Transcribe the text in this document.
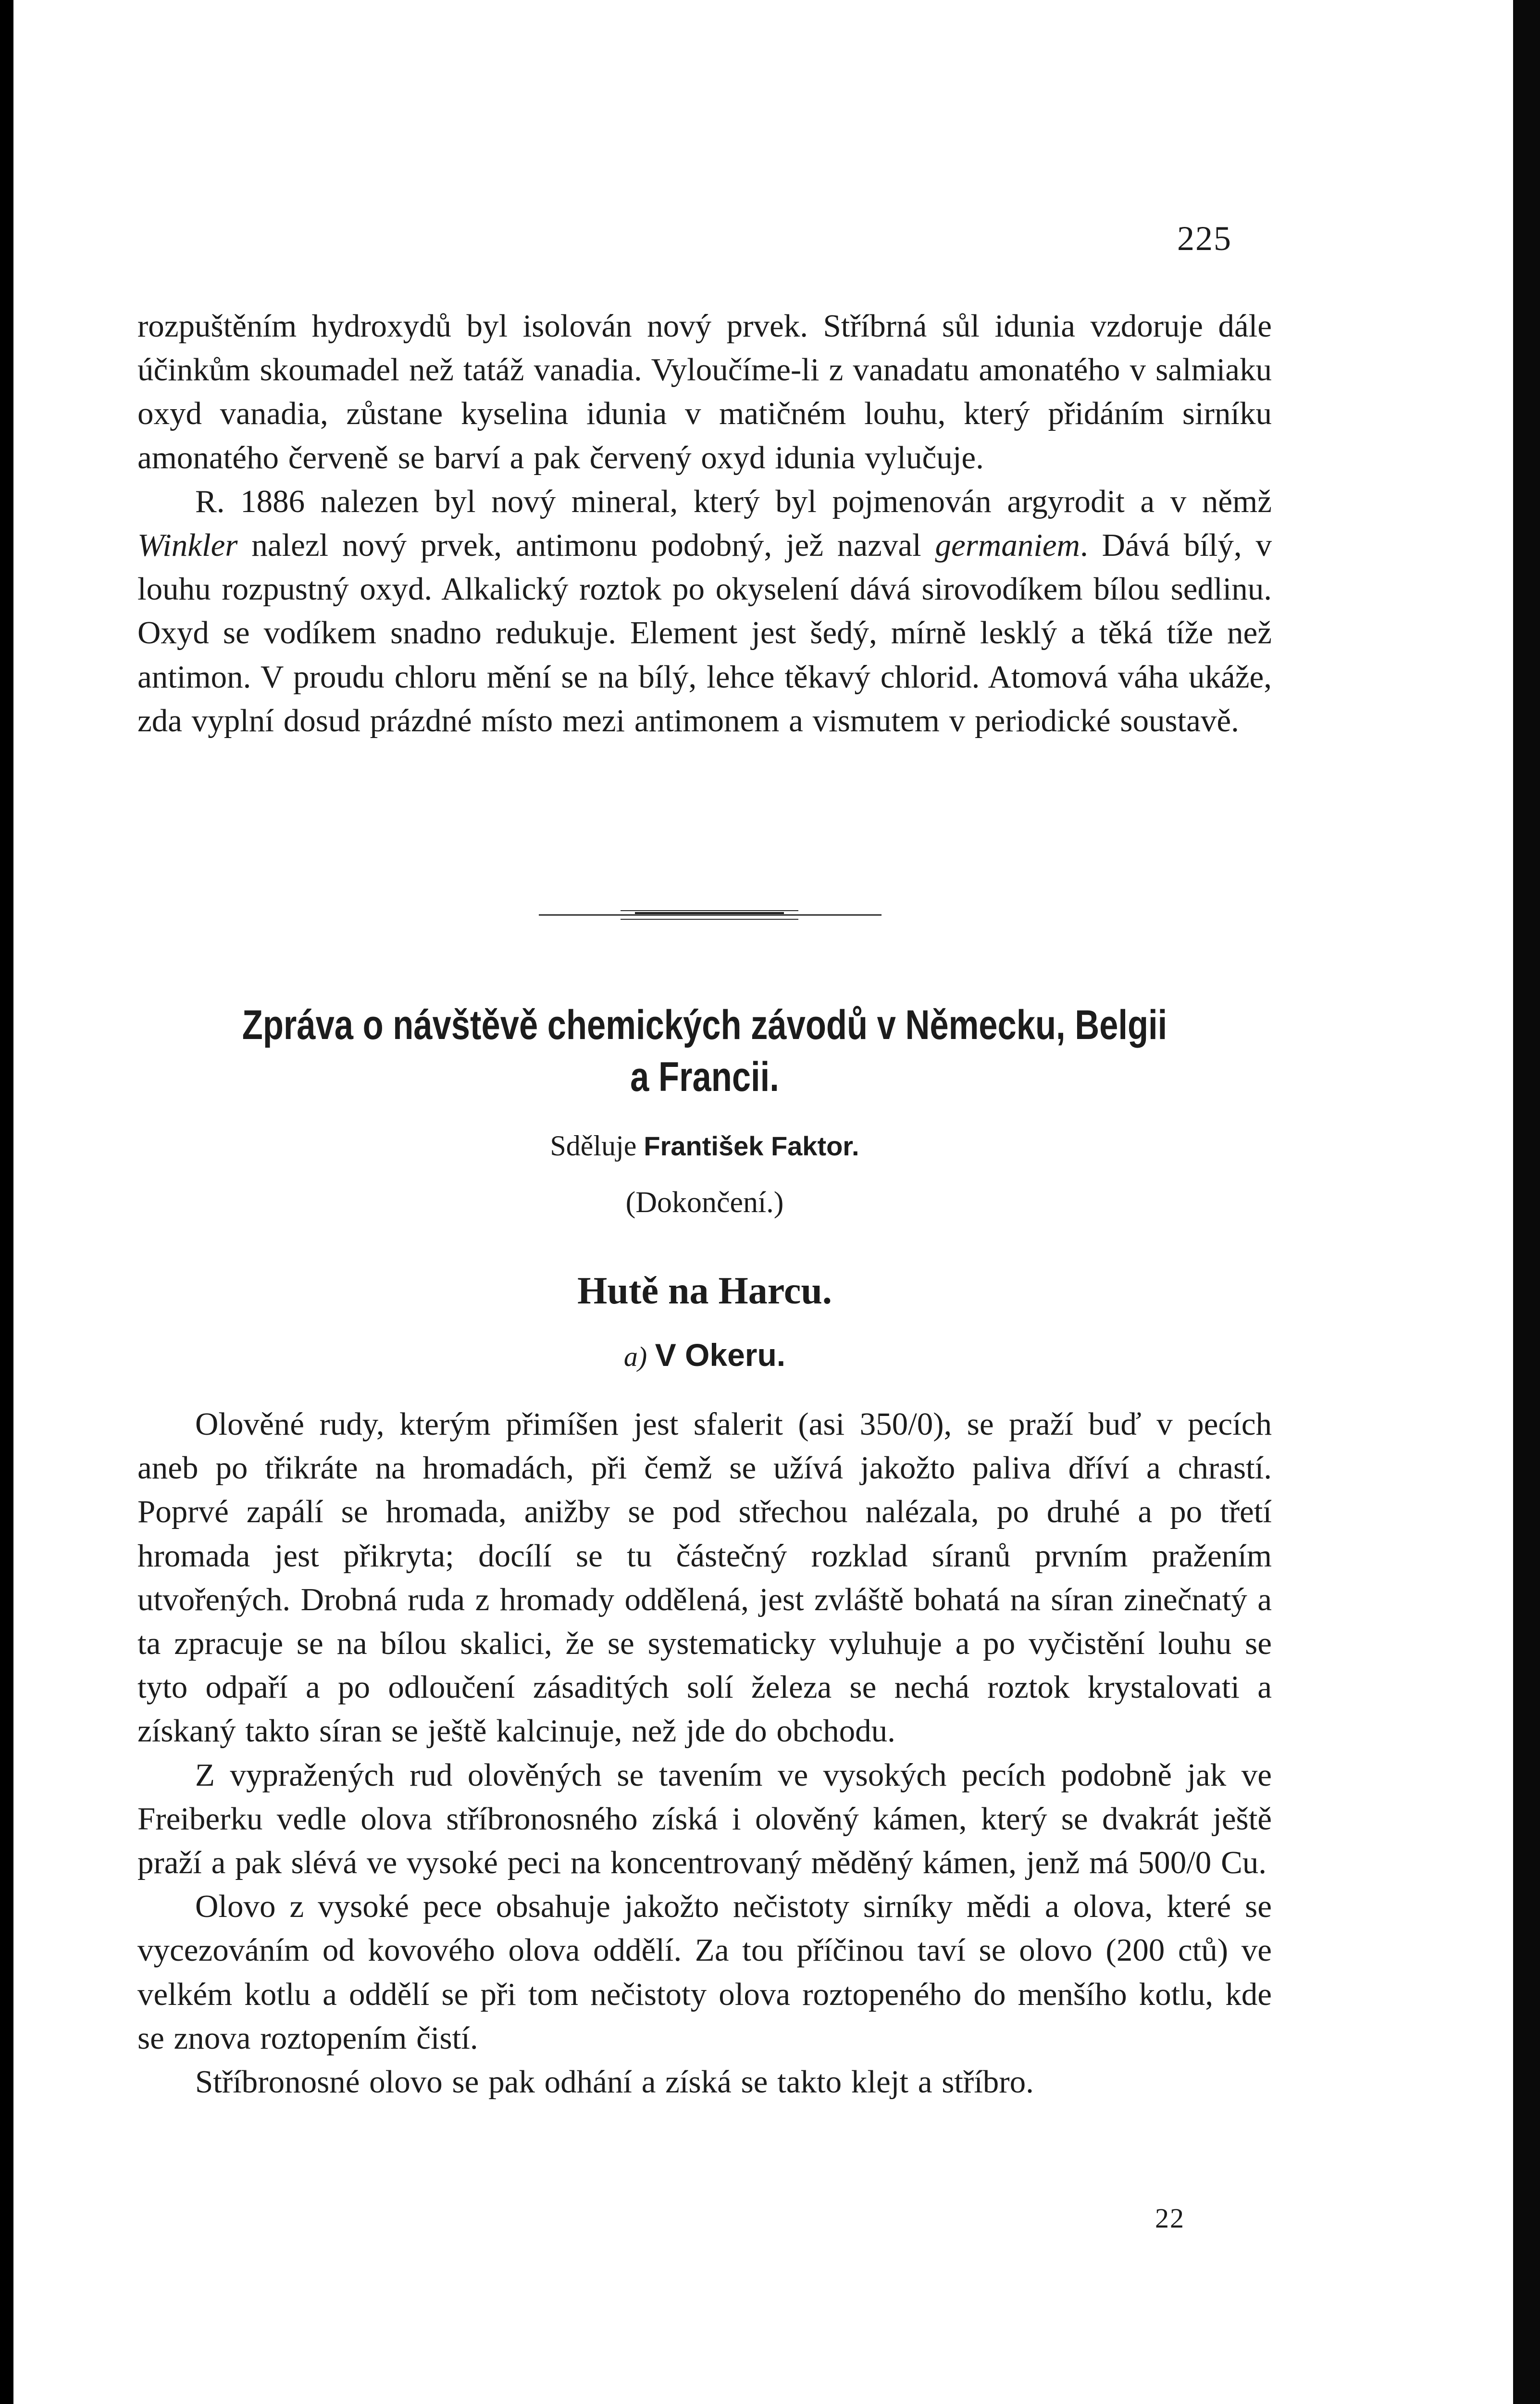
225

rozpuštěním hydroxydů byl isolován nový prvek. Stříbrná sůl idunia vzdoruje dále účinkům skoumadel než tatáž vanadia. Vyloučíme-li z vanadatu amonatého v salmiaku oxyd vanadia, zůstane kyselina idunia v matičném louhu, který přidáním sirníku amonatého červeně se barví a pak červený oxyd idunia vylučuje.

R. 1886 nalezen byl nový mineral, který byl pojmenován argyrodit a v němž Winkler nalezl nový prvek, antimonu podobný, jež nazval germaniem. Dává bílý, v louhu rozpustný oxyd. Alkalický roztok po okyselení dává sirovodíkem bílou sedlinu. Oxyd se vodíkem snadno redukuje. Element jest šedý, mírně lesklý a těká tíže než antimon. V proudu chloru mění se na bílý, lehce těkavý chlorid. Atomová váha ukáže, zda vyplní dosud prázdné místo mezi antimonem a vismutem v periodické soustavě.

Zpráva o návštěvě chemických závodů v Německu, Belgii
a Francii.
Sděluje František Faktor.
(Dokončení.)
Hutě na Harcu.
a) V Okeru.

Olověné rudy, kterým přimíšen jest sfalerit (asi 350/0), se praží buď v pecích aneb po třikráte na hromadách, při čemž se užívá jakožto paliva dříví a chrastí. Poprvé zapálí se hromada, anižby se pod střechou nalézala, po druhé a po třetí hromada jest přikryta; docílí se tu částečný rozklad síranů prvním pražením utvořených. Drobná ruda z hromady oddělená, jest zvláště bohatá na síran zinečnatý a ta zpracuje se na bílou skalici, že se systematicky vyluhuje a po vyčistění louhu se tyto odpaří a po odloučení zásaditých solí železa se nechá roztok krystalovati a získaný takto síran se ještě kalcinuje, než jde do obchodu.

Z vypražených rud olověných se tavením ve vysokých pecích podobně jak ve Freiberku vedle olova stříbronosného získá i olověný kámen, který se dvakrát ještě praží a pak slévá ve vysoké peci na koncentrovaný měděný kámen, jenž má 500/0 Cu.

Olovo z vysoké pece obsahuje jakožto nečistoty sirníky mědi a olova, které se vycezováním od kovového olova oddělí. Za tou příčinou taví se olovo (200 ctů) ve velkém kotlu a oddělí se při tom nečistoty olova roztopeného do menšího kotlu, kde se znova roztopením čistí.

Stříbronosné olovo se pak odhání a získá se takto klejt a stříbro.

22
